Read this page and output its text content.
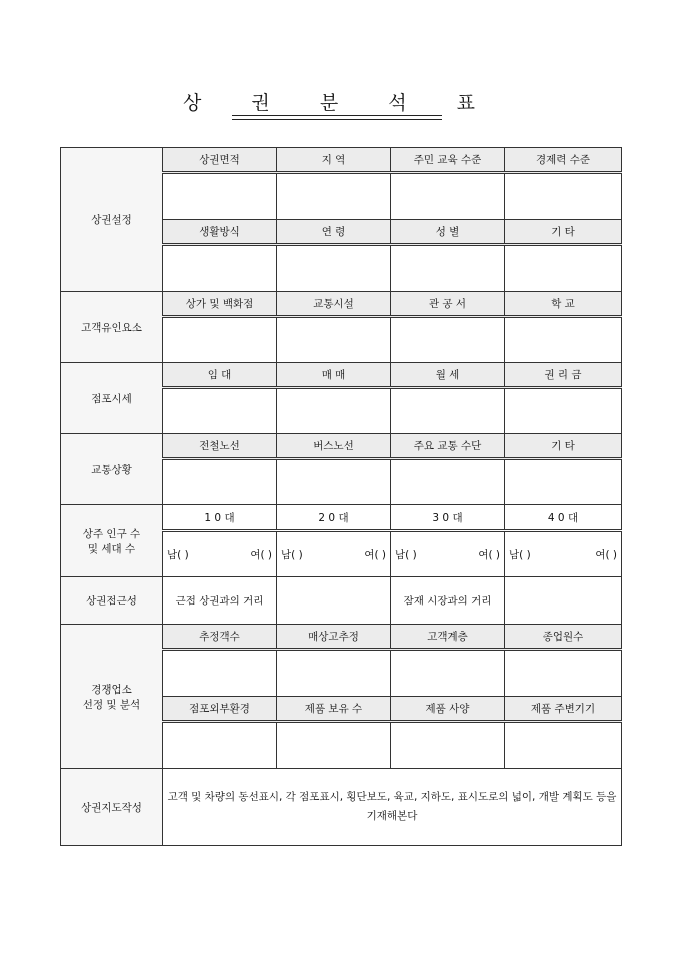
상 권 분 석 표
상권설정	상권면적	지 역	주민 교육 수준	경제력 수준

	생활방식	연 령	성 별	기 타

고객유인요소	상가 및 백화점	교통시설	관 공 서	학 교

점포시세	임 대	매 매	월 세	권 리 금

교통상황	전철노선	버스노선	주요 교통 수단	기 타

상주 인구 수
및 세대 수	1 0 대	2 0 대	3 0 대	4 0 대

	남( ) 여( )	남( ) 여( )	남( ) 여( )	남( ) 여( )

상권접근성	근접 상권과의 거리		잠재 시장과의 거리	

경쟁업소
선정 및 분석	추정객수	매상고추정	고객계층	종업원수

	점포외부환경	제품 보유 수	제품 사양	제품 주변기기

상권지도작성	고객 및 차량의 동선표시, 각 점포표시, 횡단보도, 육교, 지하도, 표시도로의 넓이, 개발 계획도 등을 기재해본다			
